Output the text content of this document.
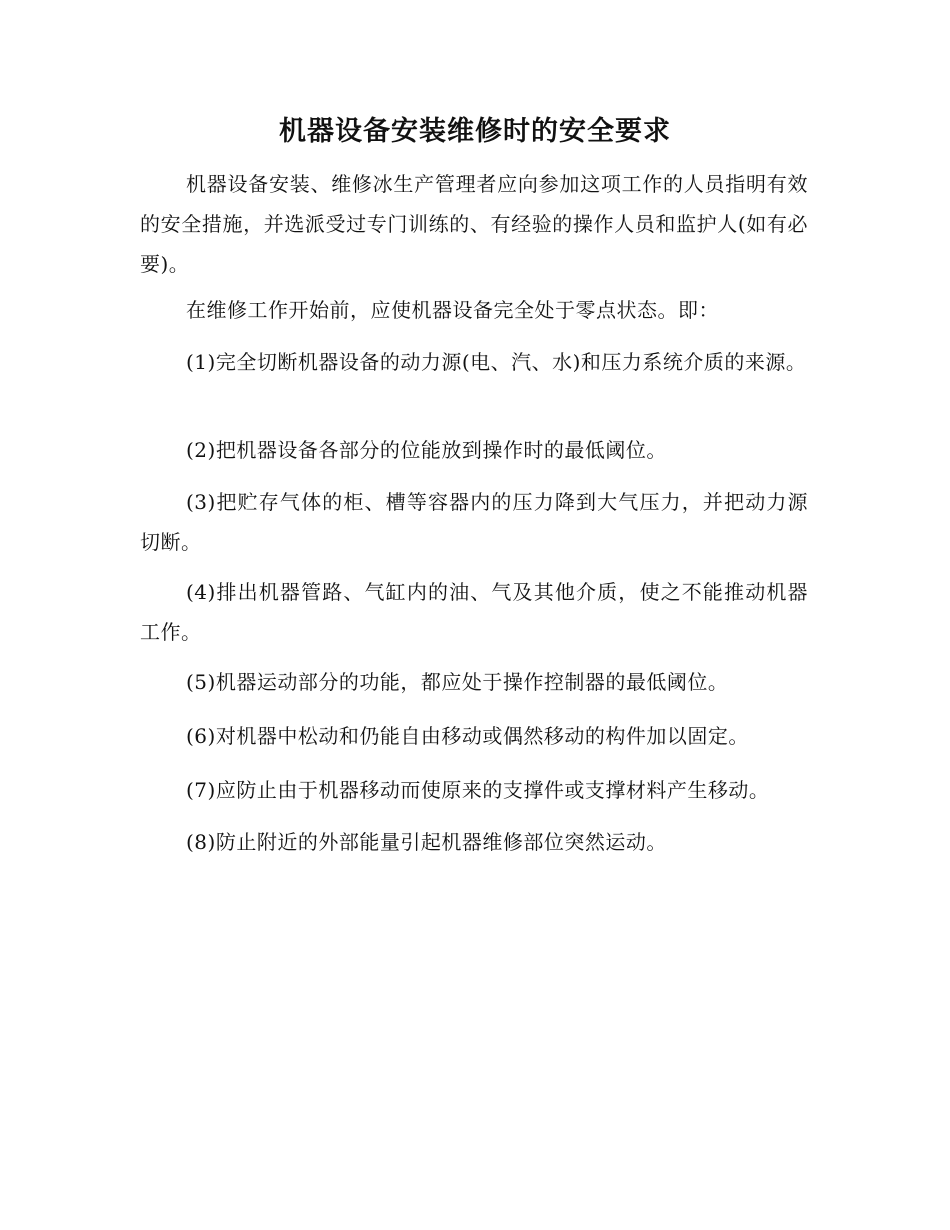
机器设备安装维修时的安全要求

机器设备安装、维修冰生产管理者应向参加这项工作的人员指明有效的安全措施，并选派受过专门训练的、有经验的操作人员和监护人(如有必要)。

在维修工作开始前，应使机器设备完全处于零点状态。即：

(1)完全切断机器设备的动力源(电、汽、水)和压力系统介质的来源。

(2)把机器设备各部分的位能放到操作时的最低阈位。

(3)把贮存气体的柜、槽等容器内的压力降到大气压力，并把动力源切断。

(4)排出机器管路、气缸内的油、气及其他介质，使之不能推动机器工作。

(5)机器运动部分的功能，都应处于操作控制器的最低阈位。

(6)对机器中松动和仍能自由移动或偶然移动的构件加以固定。

(7)应防止由于机器移动而使原来的支撑件或支撑材料产生移动。

(8)防止附近的外部能量引起机器维修部位突然运动。
